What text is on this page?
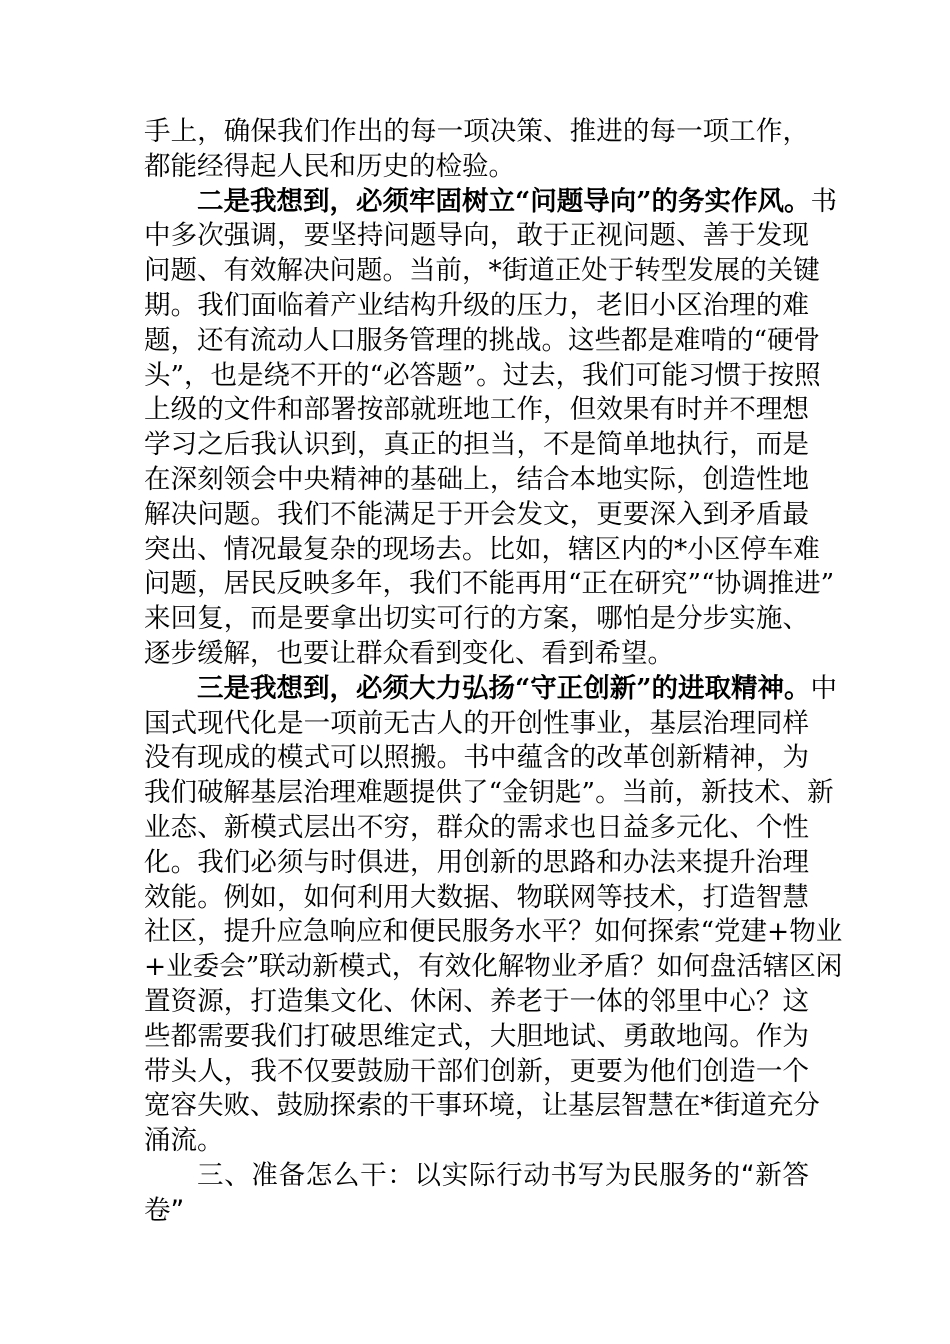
手上，确保我们作出的每一项决策、推进的每一项工作，
都能经得起人民和历史的检验。
二是我想到，必须牢固树立“问题导向”的务实作风。书
中多次强调，要坚持问题导向，敢于正视问题、善于发现
问题、有效解决问题。当前，*街道正处于转型发展的关键
期。我们面临着产业结构升级的压力，老旧小区治理的难
题，还有流动人口服务管理的挑战。这些都是难啃的“硬骨
头”，也是绕不开的“必答题”。过去，我们可能习惯于按照
上级的文件和部署按部就班地工作，但效果有时并不理想
学习之后我认识到，真正的担当，不是简单地执行，而是
在深刻领会中央精神的基础上，结合本地实际，创造性地
解决问题。我们不能满足于开会发文，更要深入到矛盾最
突出、情况最复杂的现场去。比如，辖区内的*小区停车难
问题，居民反映多年，我们不能再用“正在研究”“协调推进”
来回复，而是要拿出切实可行的方案，哪怕是分步实施、
逐步缓解，也要让群众看到变化、看到希望。
三是我想到，必须大力弘扬“守正创新”的进取精神。中
国式现代化是一项前无古人的开创性事业，基层治理同样
没有现成的模式可以照搬。书中蕴含的改革创新精神，为
我们破解基层治理难题提供了“金钥匙”。当前，新技术、新
业态、新模式层出不穷，群众的需求也日益多元化、个性
化。我们必须与时俱进，用创新的思路和办法来提升治理
效能。例如，如何利用大数据、物联网等技术，打造智慧
社区，提升应急响应和便民服务水平？如何探索“党建+物业
+业委会”联动新模式，有效化解物业矛盾？如何盘活辖区闲
置资源，打造集文化、休闲、养老于一体的邻里中心？这
些都需要我们打破思维定式，大胆地试、勇敢地闯。作为
带头人，我不仅要鼓励干部们创新，更要为他们创造一个
宽容失败、鼓励探索的干事环境，让基层智慧在*街道充分
涌流。
三、准备怎么干：以实际行动书写为民服务的“新答
卷”
